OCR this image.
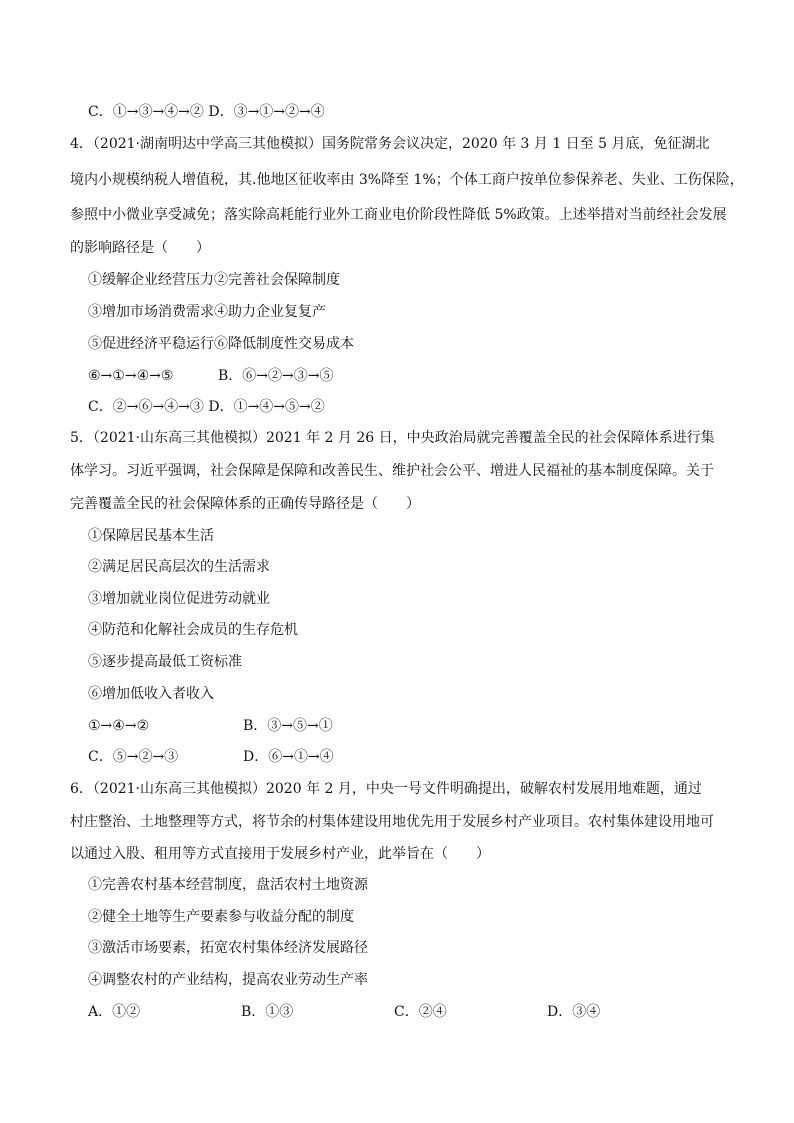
C．①→③→④→② D．③→①→②→④
4．（2021·湖南明达中学高三其他模拟）国务院常务会议决定，2020 年 3 月 1 日至 5 月底，免征湖北
境内小规模纳税人增值税，其.他地区征收率由 3%降至 1%；个体工商户按单位参保养老、失业、工伤保险，
参照中小微业享受减免；落实除高耗能行业外工商业电价阶段性降低 5%政策。上述举措对当前经社会发展
的影响路径是（　　）
①缓解企业经营压力②完善社会保障制度
③增加市场消费需求④助力企业复复产
⑤促进经济平稳运行⑥降低制度性交易成本
⑥→①→④→⑤	B．⑥→②→③→⑤
C．②→⑥→④→③ D．①→④→⑤→②
5．（2021·山东高三其他模拟）2021 年 2 月 26 日，中央政治局就完善覆盖全民的社会保障体系进行集
体学习。习近平强调，社会保障是保障和改善民生、维护社会公平、增进人民福祉的基本制度保障。关于
完善覆盖全民的社会保障体系的正确传导路径是（　　）
①保障居民基本生活
②满足居民高层次的生活需求
③增加就业岗位促进劳动就业
④防范和化解社会成员的生存危机
⑤逐步提高最低工资标准
⑥增加低收入者收入
①→④→②	B．③→⑤→①
C．⑤→②→③	D．⑥→①→④
6．（2021·山东高三其他模拟）2020 年 2 月，中央一号文件明确提出，破解农村发展用地难题，通过
村庄整治、土地整理等方式，将节余的村集体建设用地优先用于发展乡村产业项目。农村集体建设用地可
以通过入股、租用等方式直接用于发展乡村产业，此举旨在（　　）
①完善农村基本经营制度，盘活农村土地资源
②健全土地等生产要素参与收益分配的制度
③激活市场要素，拓宽农村集体经济发展路径
④调整农村的产业结构，提高农业劳动生产率
A．①②	B．①③	C．②④	D．③④
